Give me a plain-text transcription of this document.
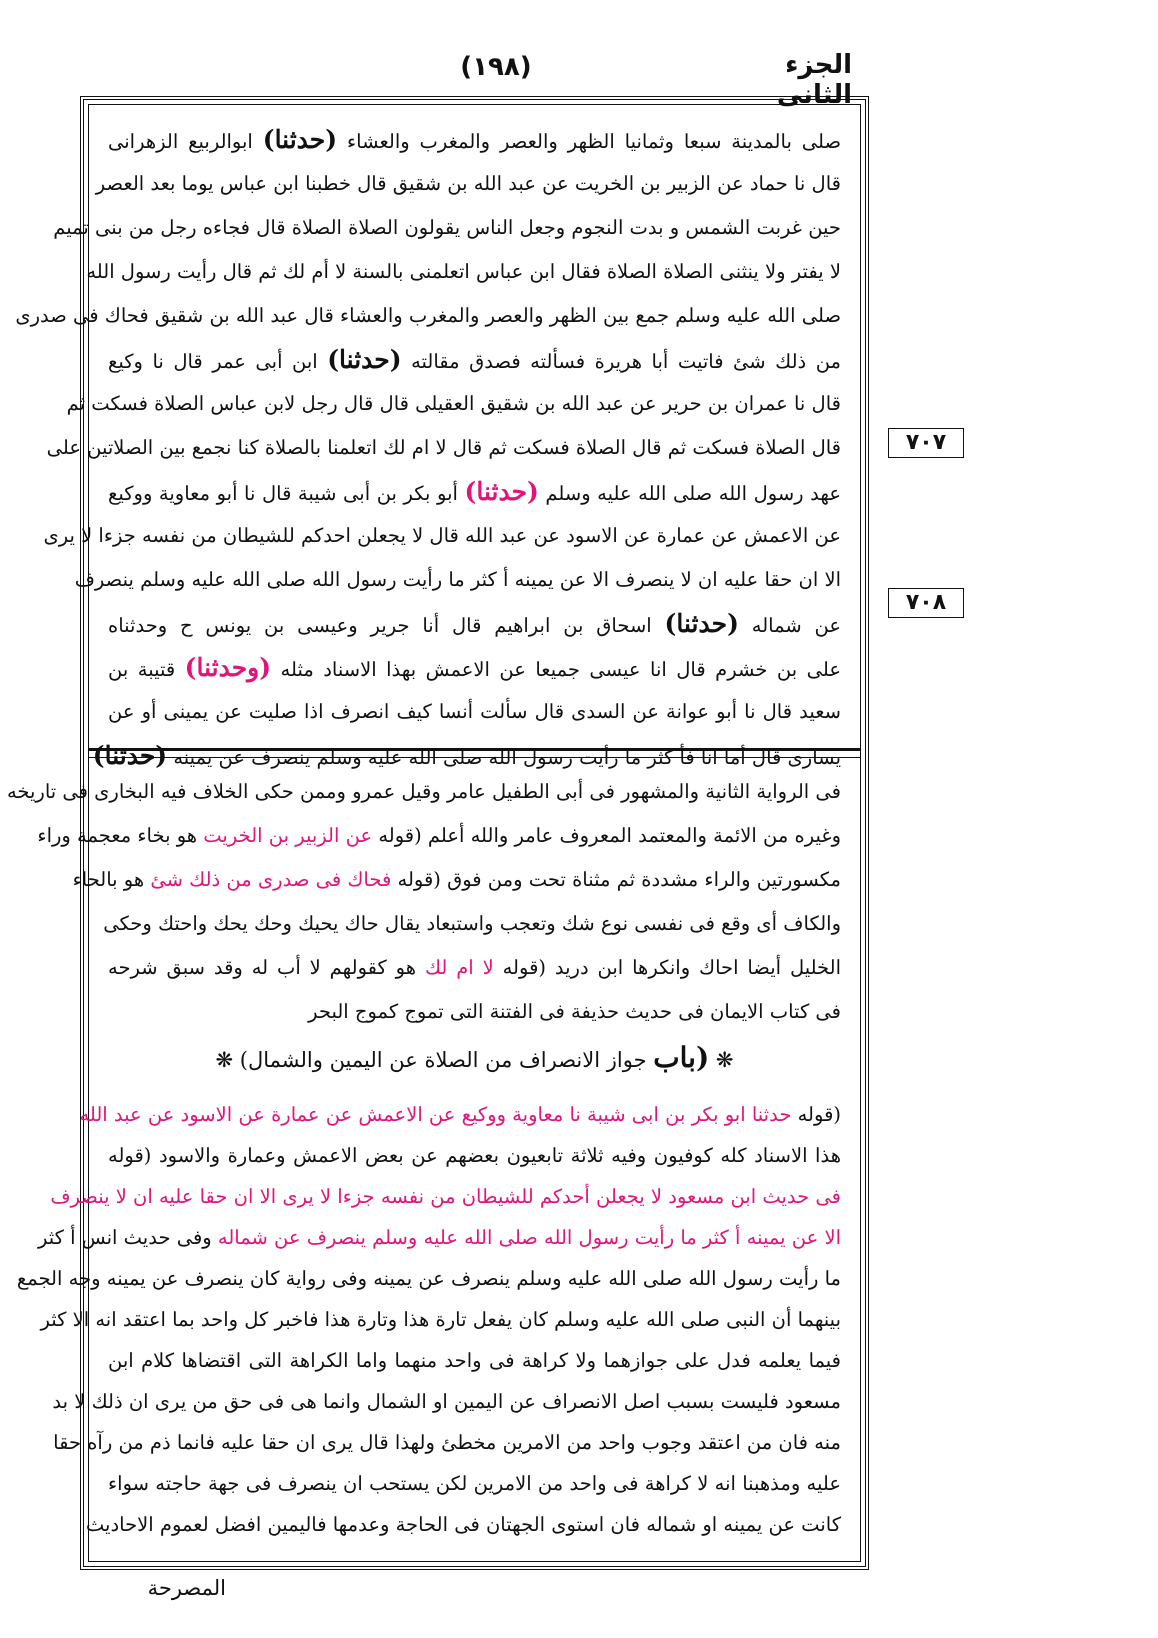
الجزء الثانى
(١٩٨)
صلى بالمدينة سبعا وثمانيا الظهر والعصر والمغرب والعشاء (حدثنا) ابوالربيع الزهرانى
قال نا حماد عن الزبير بن الخريت عن عبد الله بن شقيق قال خطبنا ابن عباس يوما بعد العصر
حين غربت الشمس و بدت النجوم وجعل الناس يقولون الصلاة الصلاة قال فجاءه رجل من بنى تميم
لا يفتر ولا ينثنى الصلاة الصلاة فقال ابن عباس اتعلمنى بالسنة لا أم لك ثم قال رأيت رسول الله
صلى الله عليه وسلم جمع بين الظهر والعصر والمغرب والعشاء قال عبد الله بن شقيق فحاك فى صدرى
من ذلك شئ فاتيت أبا هريرة فسألته فصدق مقالته (حدثنا) ابن أبى عمر قال نا وكيع
قال نا عمران بن حرير عن عبد الله بن شقيق العقيلى قال قال رجل لابن عباس الصلاة فسكت ثم
قال الصلاة فسكت ثم قال الصلاة فسكت ثم قال لا ام لك اتعلمنا بالصلاة كنا نجمع بين الصلاتين على
عهد رسول الله صلى الله عليه وسلم (حدثنا) أبو بكر بن أبى شيبة قال نا أبو معاوية ووكيع
عن الاعمش عن عمارة عن الاسود عن عبد الله قال لا يجعلن احدكم للشيطان من نفسه جزءا لا يرى
الا ان حقا عليه ان لا ينصرف الا عن يمينه أ كثر ما رأيت رسول الله صلى الله عليه وسلم ينصرف
عن شماله (حدثنا) اسحاق بن ابراهيم قال أنا جرير وعيسى بن يونس ح وحدثناه
على بن خشرم قال انا عيسى جميعا عن الاعمش بهذا الاسناد مثله (وحدثنا) قتيبة بن
سعيد قال نا أبو عوانة عن السدى قال سألت أنسا كيف انصرف اذا صليت عن يمينى أو عن
يسارى قال أما انا فأ كثر ما رأيت رسول الله صلى الله عليه وسلم ينصرف عن يمينه (حدثنا)
٧٠٧
٧٠٨
فى الرواية الثانية والمشهور فى أبى الطفيل عامر وقيل عمرو وممن حكى الخلاف فيه البخارى فى تاريخه
وغيره من الائمة والمعتمد المعروف عامر والله أعلم (قوله عن الزبير بن الخريت هو بخاء معجمة وراء
مكسورتين والراء مشددة ثم مثناة تحت ومن فوق (قوله فحاك فى صدرى من ذلك شئ هو بالحاء
والكاف أى وقع فى نفسى نوع شك وتعجب واستبعاد يقال حاك يحيك وحك يحك واحتك وحكى
الخليل أيضا احاك وانكرها ابن دريد (قوله لا ام لك هو كقولهم لا أب له وقد سبق شرحه
فى كتاب الايمان فى حديث حذيفة فى الفتنة التى تموج كموج البحر
❋ (باب جواز الانصراف من الصلاة عن اليمين والشمال) ❋
(قوله حدثنا ابو بكر بن ابى شيبة نا معاوية ووكيع عن الاعمش عن عمارة عن الاسود عن عبد الله
هذا الاسناد كله كوفيون وفيه ثلاثة تابعيون بعضهم عن بعض الاعمش وعمارة والاسود (قوله
فى حديث ابن مسعود لا يجعلن أحدكم للشيطان من نفسه جزءا لا يرى الا ان حقا عليه ان لا ينصرف
الا عن يمينه أ كثر ما رأيت رسول الله صلى الله عليه وسلم ينصرف عن شماله وفى حديث انس أ كثر
ما رأيت رسول الله صلى الله عليه وسلم ينصرف عن يمينه وفى رواية كان ينصرف عن يمينه وجه الجمع
بينهما أن النبى صلى الله عليه وسلم كان يفعل تارة هذا وتارة هذا فاخبر كل واحد بما اعتقد انه الا كثر
فيما يعلمه فدل على جوازهما ولا كراهة فى واحد منهما واما الكراهة التى اقتضاها كلام ابن
مسعود فليست بسبب اصل الانصراف عن اليمين او الشمال وانما هى فى حق من يرى ان ذلك لا بد
منه فان من اعتقد وجوب واحد من الامرين مخطئ ولهذا قال يرى ان حقا عليه فانما ذم من رآه حقا
عليه ومذهبنا انه لا كراهة فى واحد من الامرين لكن يستحب ان ينصرف فى جهة حاجته سواء
كانت عن يمينه او شماله فان استوى الجهتان فى الحاجة وعدمها فاليمين افضل لعموم الاحاديث
المصرحة
